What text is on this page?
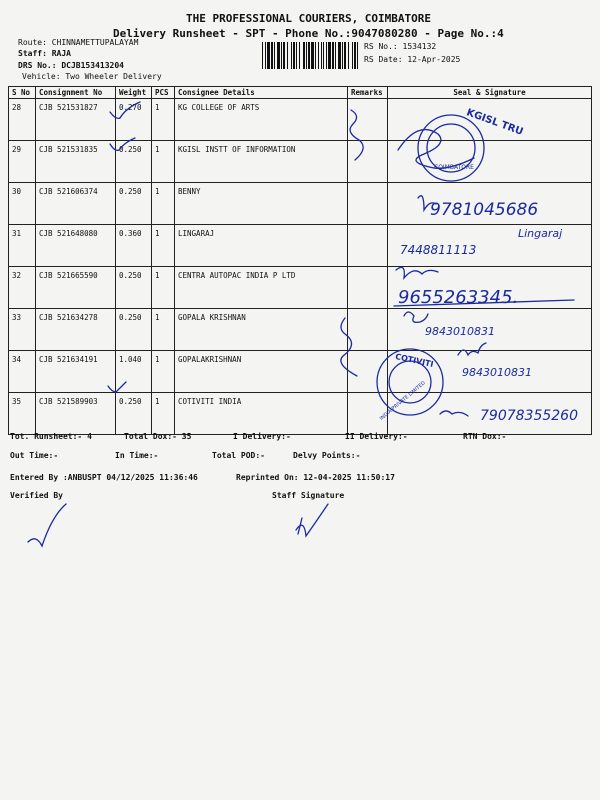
THE PROFESSIONAL COURIERS, COIMBATORE
Delivery Runsheet - SPT - Phone No.:9047080280 - Page No.:4
Route: CHINNAMETTUPALAYAM
Staff: RAJA
DRS No.: DCJB153413204
Vehicle: Two Wheeler Delivery
RS No.: 1534132
RS Date: 12-Apr-2025
S No	Consignment No	Weight	PCS	Consignee Details	Remarks	Seal & Signature
28	CJB 521531827	0.270	1	KG COLLEGE OF ARTS		
29	CJB 521531835	0.250	1	KGISL INSTT OF INFORMATION		
30	CJB 521606374	0.250	1	BENNY		
31	CJB 521648080	0.360	1	LINGARAJ		
32	CJB 521665590	0.250	1	CENTRA AUTOPAC INDIA P LTD		
33	CJB 521634278	0.250	1	GOPALA KRISHNAN		
34	CJB 521634191	1.040	1	GOPALAKRISHNAN		
35	CJB 521589903	0.250	1	COTIVITI INDIA		
KGISL TRU
COIMBATORE
COTIVITI
INDIA PRIVATE LIMITED
9781045686
Lingaraj
7448811113
9655263345.
9843010831
9843010831
79078355260
Tot. Runsheet:- 4	Total Dox:- 35	I Delivery:-	II Delivery:-	RTN Dox:-
Out Time:-	In Time:-	Total POD:-	Delvy Points:-
Entered By :ANBUSPT 04/12/2025 11:36:46	Reprinted On: 12-04-2025 11:50:17
Verified By	Staff Signature
